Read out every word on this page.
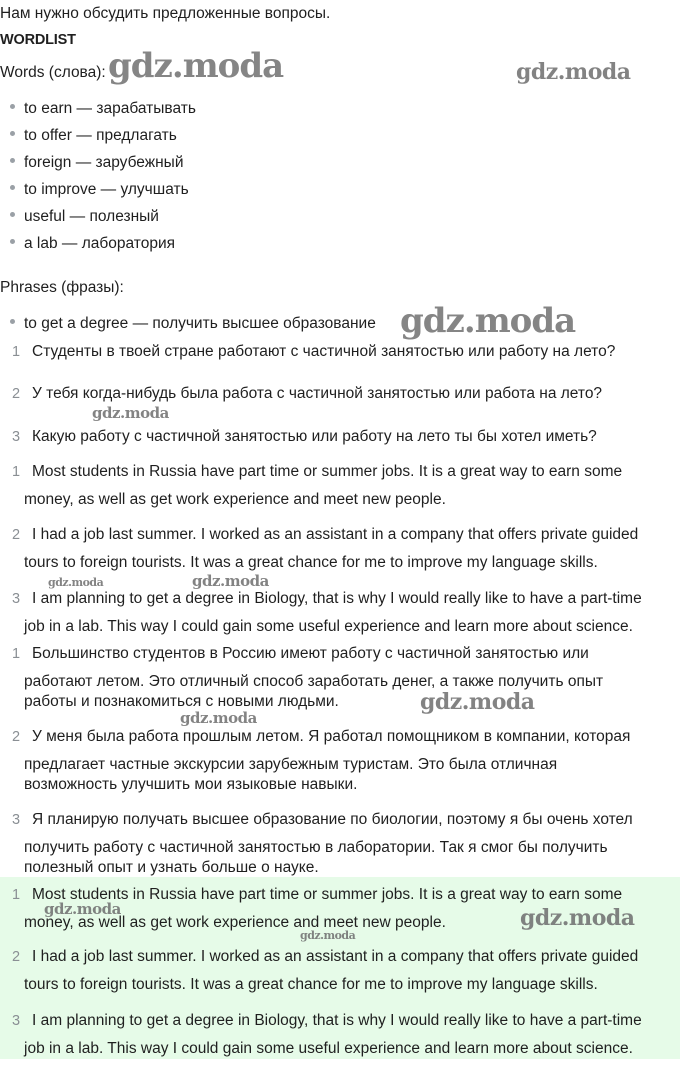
Нам нужно обсудить предложенные вопросы.
WORDLIST
Words (слова):
to earn — зарабатывать
to offer — предлагать
foreign — зарубежный
to improve — улучшать
useful — полезный
a lab — лаборатория
Phrases (фразы):
to get a degree — получить высшее образование
1 Студенты в твоей стране работают с частичной занятостью или работу на лето?
2 У тебя когда-нибудь была работа с частичной занятостью или работа на лето?
3 Какую работу с частичной занятостью или работу на лето ты бы хотел иметь?
1 Most students in Russia have part time or summer jobs. It is a great way to earn some
money, as well as get work experience and meet new people.
2 I had a job last summer. I worked as an assistant in a company that offers private guided
tours to foreign tourists. It was a great chance for me to improve my language skills.
3 I am planning to get a degree in Biology, that is why I would really like to have a part-time
job in a lab. This way I could gain some useful experience and learn more about science.
1 Большинство студентов в Россию имеют работу с частичной занятостью или
работают летом. Это отличный способ заработать денег, а также получить опыт
работы и познакомиться с новыми людьми.
2 У меня была работа прошлым летом. Я работал помощником в компании, которая
предлагает частные экскурсии зарубежным туристам. Это была отличная
возможность улучшить мои языковые навыки.
3 Я планирую получать высшее образование по биологии, поэтому я бы очень хотел
получить работу с частичной занятостью в лаборатории. Так я смог бы получить
полезный опыт и узнать больше о науке.
1 Most students in Russia have part time or summer jobs. It is a great way to earn some
money, as well as get work experience and meet new people.
2 I had a job last summer. I worked as an assistant in a company that offers private guided
tours to foreign tourists. It was a great chance for me to improve my language skills.
3 I am planning to get a degree in Biology, that is why I would really like to have a part-time
job in a lab. This way I could gain some useful experience and learn more about science.
gdz.moda	gdz.moda
gdz.moda
gdz.moda
gdz.moda	gdz.moda
gdz.moda
gdz.moda
gdz.moda	gdz.moda
gdz.moda
